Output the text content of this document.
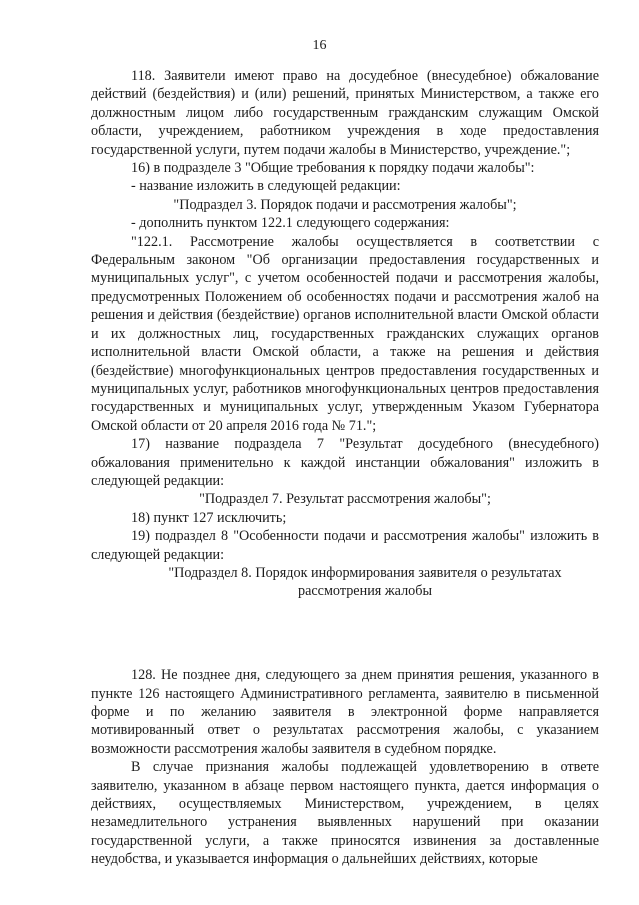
16

118. Заявители имеют право на досудебное (внесудебное) обжалование действий (бездействия) и (или) решений, принятых Министерством, а также его должностным лицом либо государственным гражданским служащим Омской области, учреждением, работником учреждения в ходе предоставления государственной услуги, путем подачи жалобы в Министерство, учреждение.";

16) в подразделе 3 "Общие требования к порядку подачи жалобы":

- название изложить в следующей редакции:

"Подраздел 3. Порядок подачи и рассмотрения жалобы";

- дополнить пунктом 122.1 следующего содержания:

"122.1. Рассмотрение жалобы осуществляется в соответствии с Федеральным законом "Об организации предоставления государственных и муниципальных услуг", с учетом особенностей подачи и рассмотрения жалобы, предусмотренных Положением об особенностях подачи и рассмотрения жалоб на решения и действия (бездействие) органов исполнительной власти Омской области и их должностных лиц, государственных гражданских служащих органов исполнительной власти Омской области, а также на решения и действия (бездействие) многофункциональных центров предоставления государственных и муниципальных услуг, работников многофункциональных центров предоставления государственных и муниципальных услуг, утвержденным Указом Губернатора Омской области от 20 апреля 2016 года № 71.";

17) название подраздела 7 "Результат досудебного (внесудебного) обжалования применительно к каждой инстанции обжалования" изложить в следующей редакции:

"Подраздел 7. Результат рассмотрения жалобы";

18) пункт 127 исключить;

19) подраздел 8 "Особенности подачи и рассмотрения жалобы" изложить в следующей редакции:

"Подраздел 8. Порядок информирования заявителя о результатах рассмотрения жалобы

128. Не позднее дня, следующего за днем принятия решения, указанного в пункте 126 настоящего Административного регламента, заявителю в письменной форме и по желанию заявителя в электронной форме направляется мотивированный ответ о результатах рассмотрения жалобы, с указанием возможности рассмотрения жалобы заявителя в судебном порядке.

В случае признания жалобы подлежащей удовлетворению в ответе заявителю, указанном в абзаце первом настоящего пункта, дается информация о действиях, осуществляемых Министерством, учреждением, в целях незамедлительного устранения выявленных нарушений при оказании государственной услуги, а также приносятся извинения за доставленные неудобства, и указывается информация о дальнейших действиях, которые
